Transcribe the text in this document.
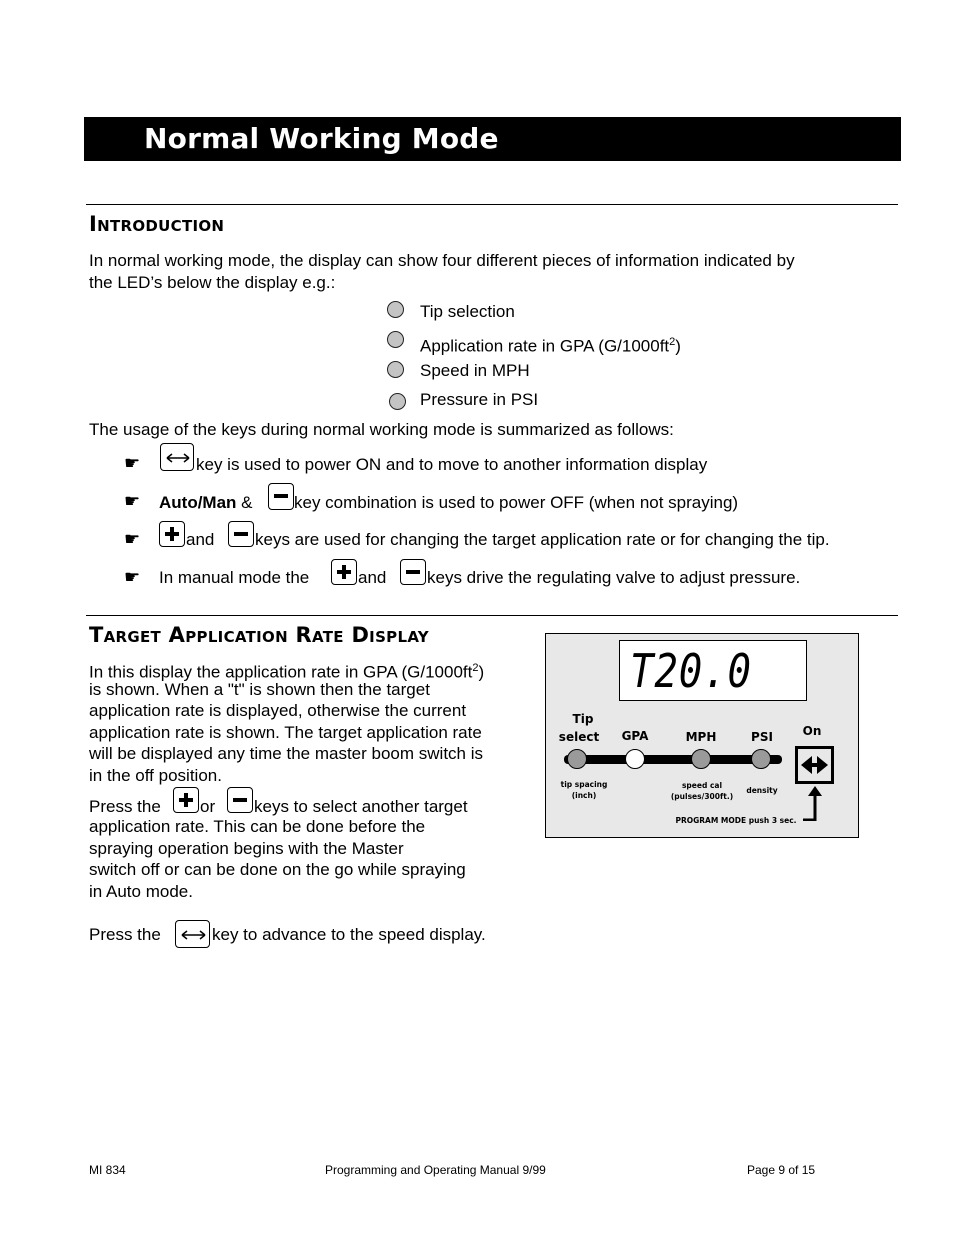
Normal Working Mode
Introduction
In normal working mode, the display can show four different pieces of information indicated by
the LED’s below the display e.g.:
Tip selection
Application rate in GPA $(G/1000ft^2)$
Speed in MPH
Pressure in PSI
The usage of the keys during normal working mode is summarized as follows:
☛	key is used to power ON and to move to another information display
☛ Auto/Man & key combination is used to power OFF (when not spraying)
☛	and keys are used for changing the target application rate or for changing the tip.
☛ In manual mode the	and keys drive the regulating valve to adjust pressure.
Target Application Rate Display
In this display the application rate in GPA $(G/1000ft^2)$
is shown. When a "t" is shown then the target
application rate is displayed, otherwise the current
application rate is shown. The target application rate
will be displayed any time the master boom switch is
in the off position.
Press the or keys to select another target
application rate. This can be done before the
spraying operation begins with the Master
switch off or can be done on the go while spraying
in Auto mode.
Press the	key to advance to the speed display.
T20.0
Tip
select	GPA	MPH	PSI	On
tip spacing
(inch)
speed cal
(pulses/300ft.)
density
PROGRAM MODE push 3 sec.
MI 834	Programming and Operating Manual 9/99	Page 9 of 15
